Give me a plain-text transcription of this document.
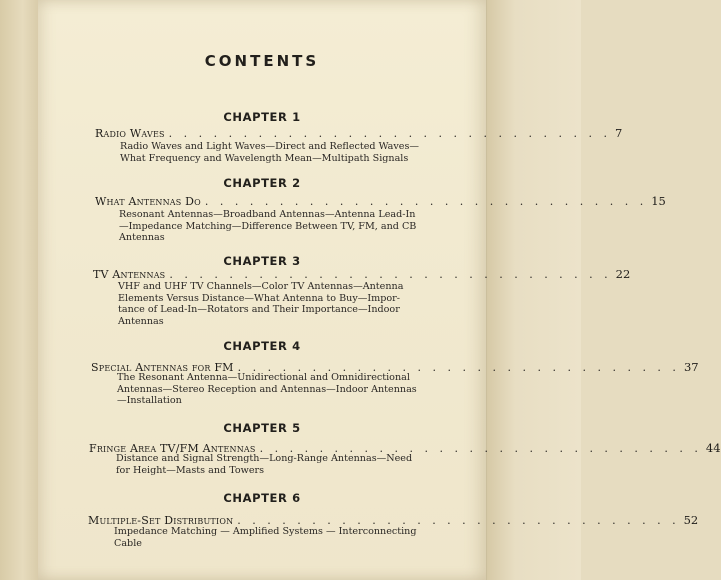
CONTENTS
CHAPTER 1
Radio Waves . . . . . . . . . . . . . . . . . . . . . . . . . . . . . . 7
Radio Waves and Light Waves—Direct and Reflected Waves—
What Frequency and Wavelength Mean—Multipath Signals
CHAPTER 2
What Antennas Do . . . . . . . . . . . . . . . . . . . . . . . . . . . . . . 15
Resonant Antennas—Broadband Antennas—Antenna Lead-In
—Impedance Matching—Difference Between TV, FM, and CB
Antennas
CHAPTER 3
TV Antennas . . . . . . . . . . . . . . . . . . . . . . . . . . . . . . 22
VHF and UHF TV Channels—Color TV Antennas—Antenna
Elements Versus Distance—What Antenna to Buy—Impor-
tance of Lead-In—Rotators and Their Importance—Indoor
Antennas
CHAPTER 4
Special Antennas for FM . . . . . . . . . . . . . . . . . . . . . . . . . . . . . . 37
The Resonant Antenna—Unidirectional and Omnidirectional
Antennas—Stereo Reception and Antennas—Indoor Antennas
—Installation
CHAPTER 5
Fringe Area TV/FM Antennas . . . . . . . . . . . . . . . . . . . . . . . . . . . . . . 44
Distance and Signal Strength—Long-Range Antennas—Need
for Height—Masts and Towers
CHAPTER 6
Multiple-Set Distribution . . . . . . . . . . . . . . . . . . . . . . . . . . . . . . 52
Impedance Matching — Amplified Systems — Interconnecting
Cable
